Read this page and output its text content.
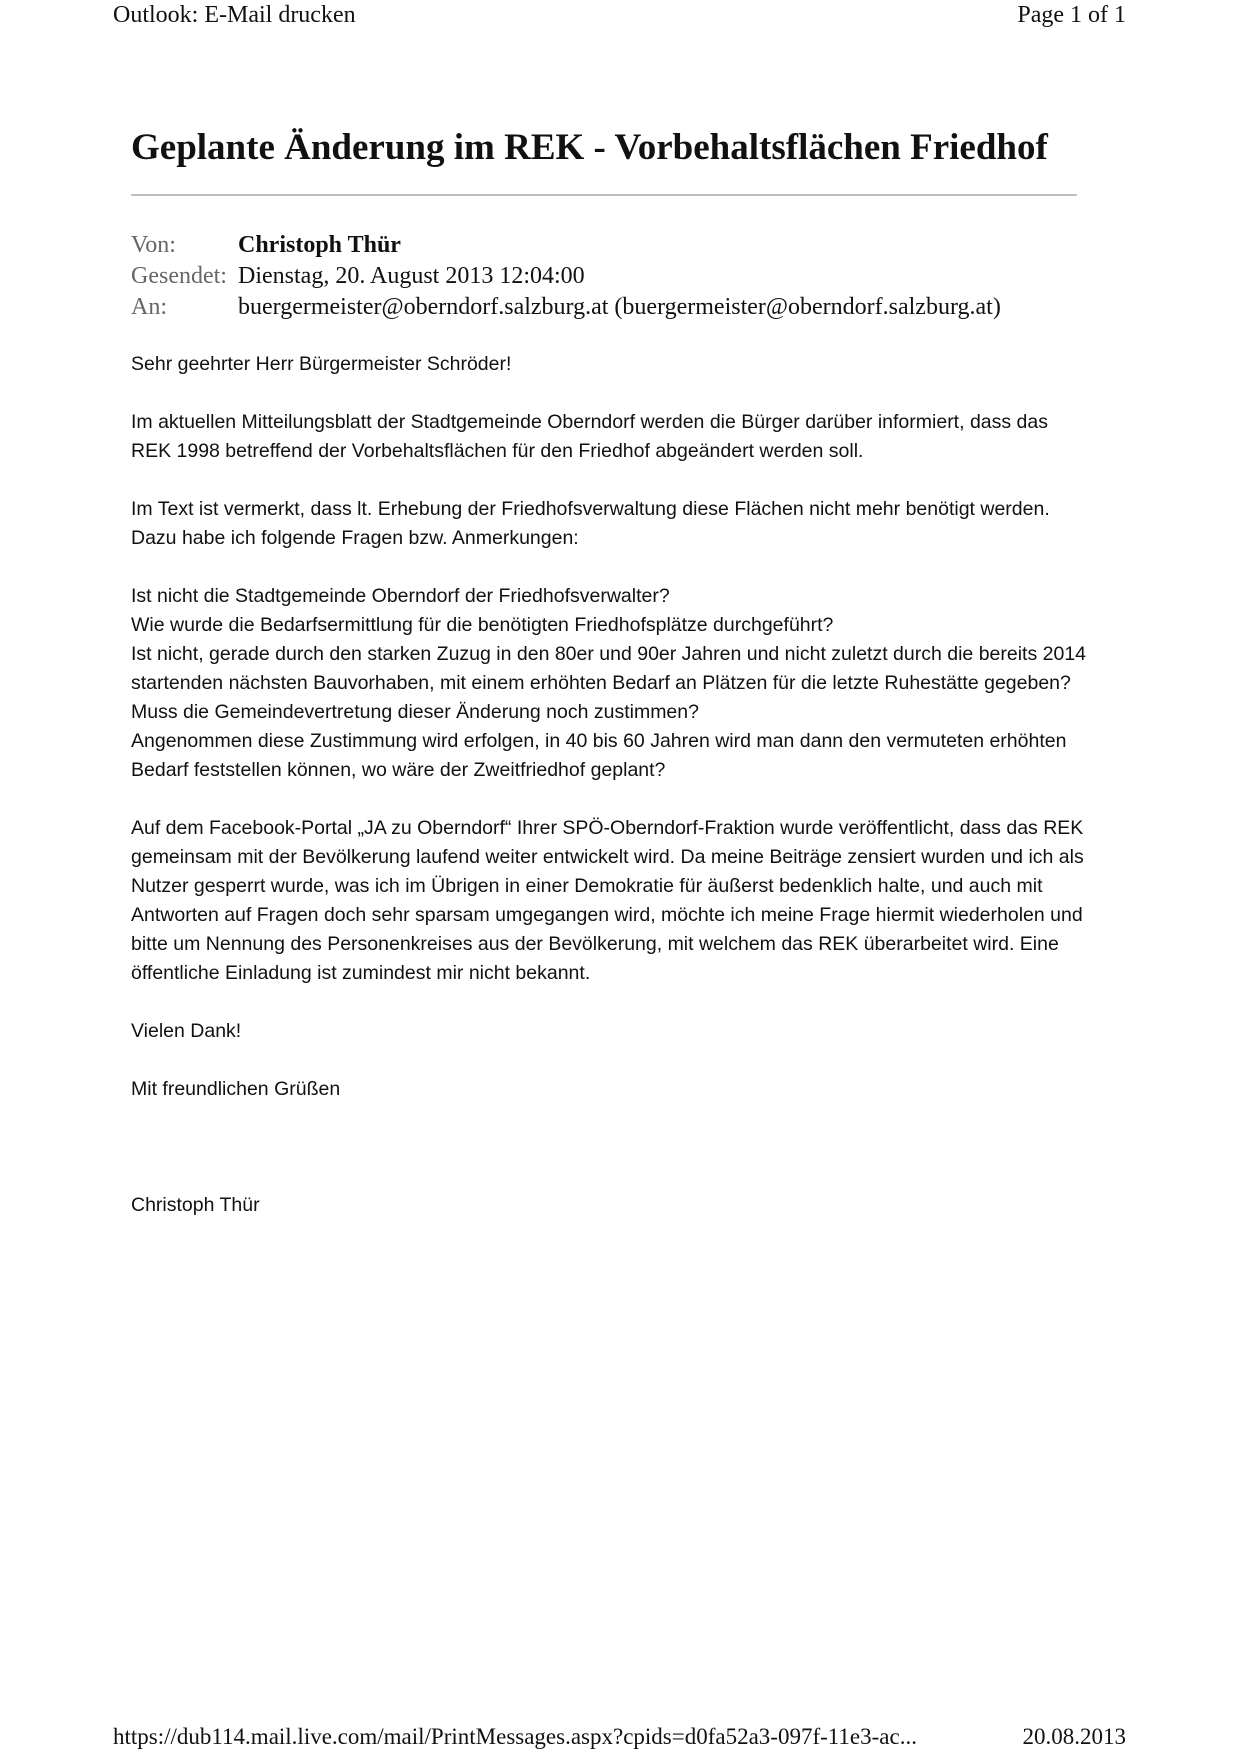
Outlook: E-Mail drucken	Page 1 of 1
Geplante Änderung im REK - Vorbehaltsflächen Friedhof
Von:	Christoph Thür
Gesendet: Dienstag, 20. August 2013 12:04:00
An:	buergermeister@oberndorf.salzburg.at (buergermeister@oberndorf.salzburg.at)

Sehr geehrter Herr Bürgermeister Schröder!

Im aktuellen Mitteilungsblatt der Stadtgemeinde Oberndorf werden die Bürger darüber informiert, dass das REK 1998 betreffend der Vorbehaltsflächen für den Friedhof abgeändert werden soll.

Im Text ist vermerkt, dass lt. Erhebung der Friedhofsverwaltung diese Flächen nicht mehr benötigt werden. Dazu habe ich folgende Fragen bzw. Anmerkungen:

Ist nicht die Stadtgemeinde Oberndorf der Friedhofsverwalter?

Wie wurde die Bedarfsermittlung für die benötigten Friedhofsplätze durchgeführt?

Ist nicht, gerade durch den starken Zuzug in den 80er und 90er Jahren und nicht zuletzt durch die bereits 2014 startenden nächsten Bauvorhaben, mit einem erhöhten Bedarf an Plätzen für die letzte Ruhestätte gegeben?

Muss die Gemeindevertretung dieser Änderung noch zustimmen?

Angenommen diese Zustimmung wird erfolgen, in 40 bis 60 Jahren wird man dann den vermuteten erhöhten Bedarf feststellen können, wo wäre der Zweitfriedhof geplant?

Auf dem Facebook-Portal „JA zu Oberndorf“ Ihrer SPÖ-Oberndorf-Fraktion wurde veröffentlicht, dass das REK gemeinsam mit der Bevölkerung laufend weiter entwickelt wird. Da meine Beiträge zensiert wurden und ich als Nutzer gesperrt wurde, was ich im Übrigen in einer Demokratie für äußerst bedenklich halte, und auch mit Antworten auf Fragen doch sehr sparsam umgegangen wird, möchte ich meine Frage hiermit wiederholen und bitte um Nennung des Personenkreises aus der Bevölkerung, mit welchem das REK überarbeitet wird. Eine öffentliche Einladung ist zumindest mir nicht bekannt.

Vielen Dank!

Mit freundlichen Grüßen

Christoph Thür

https://dub114.mail.live.com/mail/PrintMessages.aspx?cpids=d0fa52a3-097f-11e3-ac...	20.08.2013
